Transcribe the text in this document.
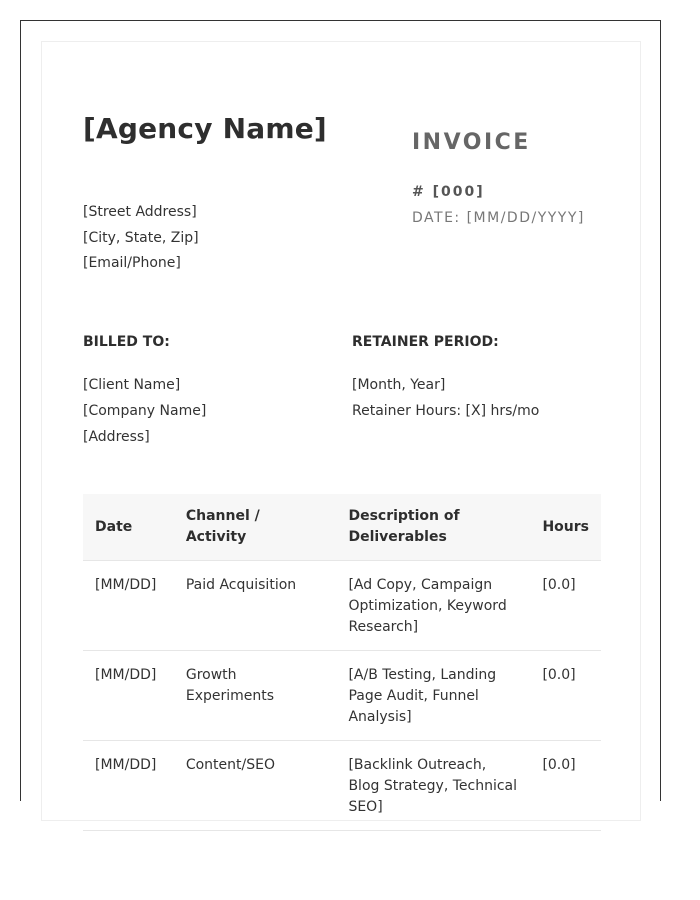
[Agency Name]
[Street Address]
[City, State, Zip]
[Email/Phone]
INVOICE
# [000]
DATE: [MM/DD/YYYY]
BILLED TO:
[Client Name]
[Company Name]
[Address]
RETAINER PERIOD:
[Month, Year]
Retainer Hours: [X] hrs/mo
Date	Channel / Activity	Description of Deliverables	Hours
[MM/DD]	Paid Acquisition	[Ad Copy, Campaign Optimization, Keyword Research]	[0.0]
[MM/DD]	Growth Experiments	[A/B Testing, Landing Page Audit, Funnel Analysis]	[0.0]
[MM/DD]	Content/SEO	[Backlink Outreach, Blog Strategy, Technical SEO]	[0.0]
